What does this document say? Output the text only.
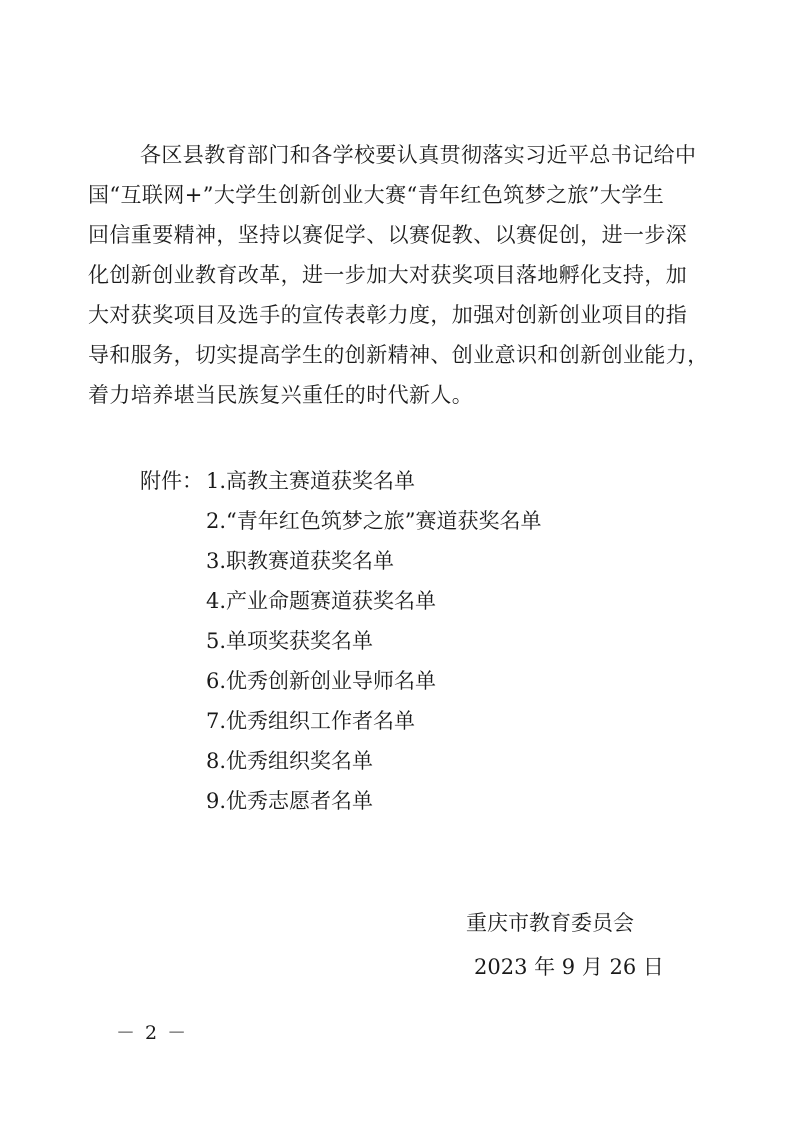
各区县教育部门和各学校要认真贯彻落实习近平总书记给中
国“互联网+”大学生创新创业大赛“青年红色筑梦之旅”大学生
回信重要精神，坚持以赛促学、以赛促教、以赛促创，进一步深
化创新创业教育改革，进一步加大对获奖项目落地孵化支持，加
大对获奖项目及选手的宣传表彰力度，加强对创新创业项目的指
导和服务，切实提高学生的创新精神、创业意识和创新创业能力，
着力培养堪当民族复兴重任的时代新人。
附件： 1.高教主赛道获奖名单
2.“青年红色筑梦之旅”赛道获奖名单
3.职教赛道获奖名单
4.产业命题赛道获奖名单
5.单项奖获奖名单
6.优秀创新创业导师名单
7.优秀组织工作者名单
8.优秀组织奖名单
9.优秀志愿者名单
重庆市教育委员会
2023 年 9 月 26 日
－ 2 －
